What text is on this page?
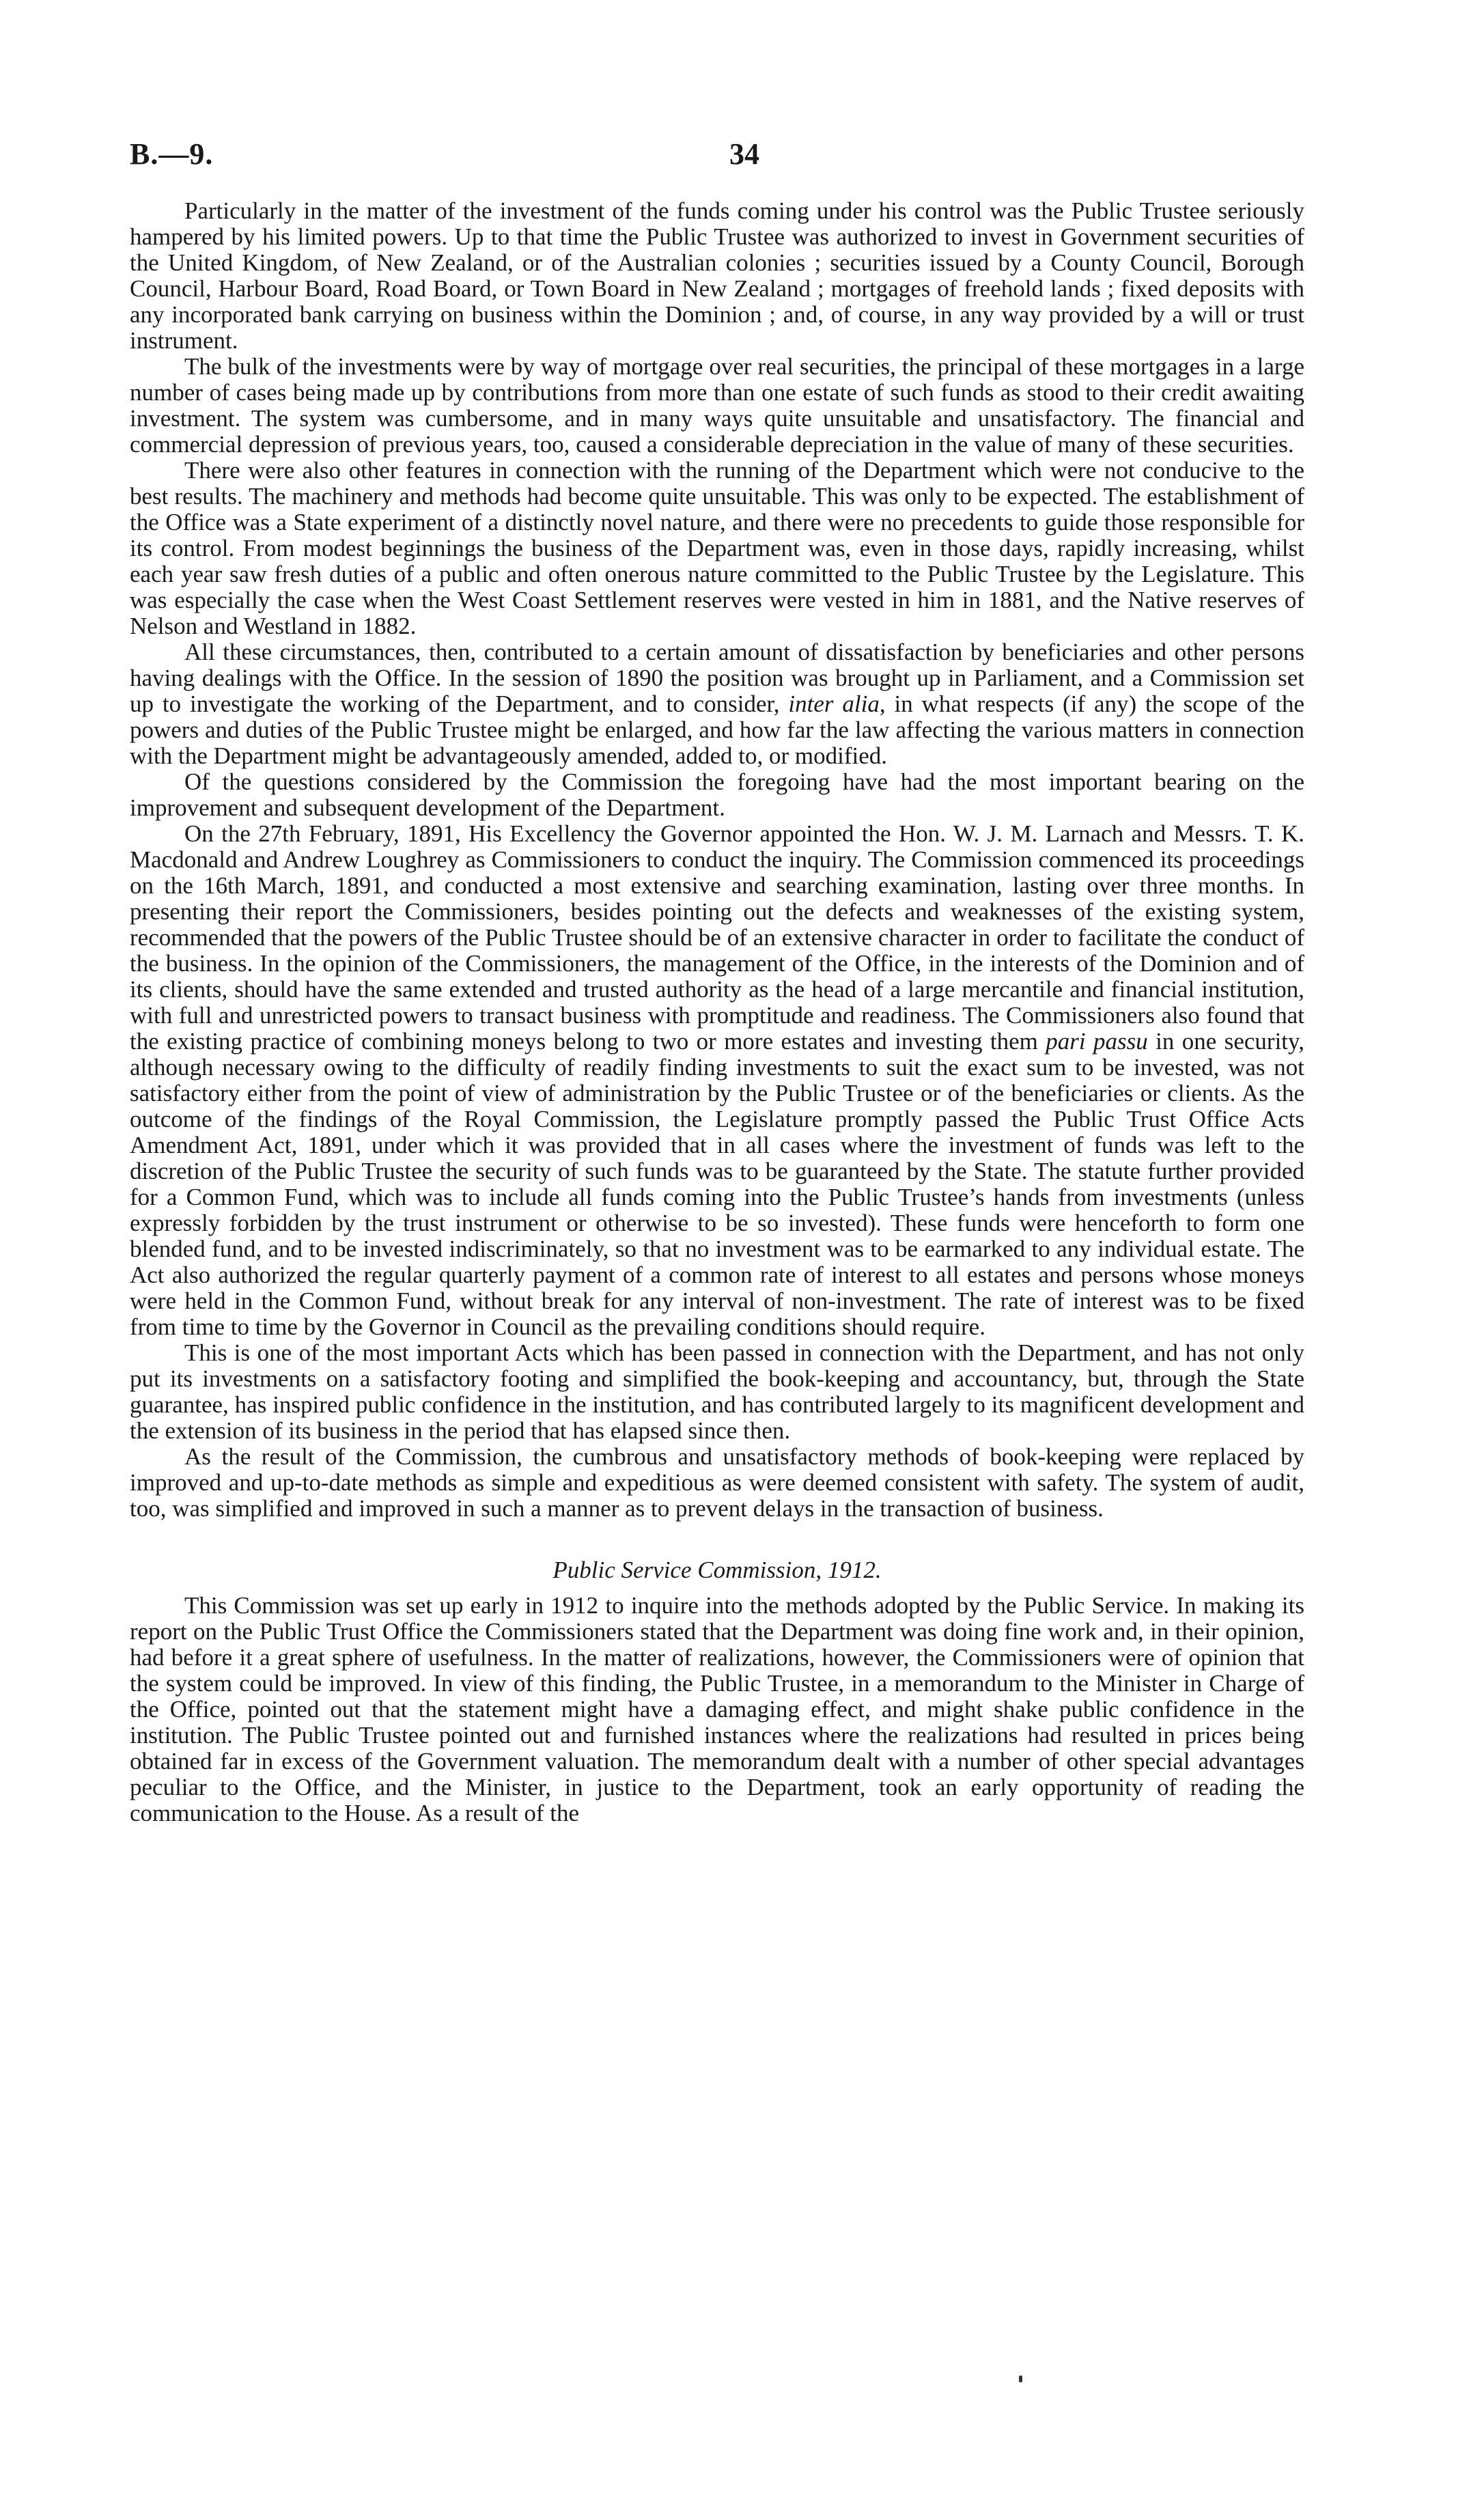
B.—9.	34

Particularly in the matter of the investment of the funds coming under his control was the Public Trustee seriously hampered by his limited powers. Up to that time the Public Trustee was authorized to invest in Government securities of the United Kingdom, of New Zealand, or of the Australian colonies ; securities issued by a County Council, Borough Council, Harbour Board, Road Board, or Town Board in New Zealand ; mortgages of freehold lands ; fixed deposits with any incorporated bank carrying on business within the Dominion ; and, of course, in any way provided by a will or trust instrument.

The bulk of the investments were by way of mortgage over real securities, the principal of these mortgages in a large number of cases being made up by contributions from more than one estate of such funds as stood to their credit awaiting investment. The system was cumbersome, and in many ways quite unsuitable and unsatisfactory. The financial and commercial depression of previous years, too, caused a considerable depreciation in the value of many of these securities.

There were also other features in connection with the running of the Department which were not conducive to the best results. The machinery and methods had become quite unsuitable. This was only to be expected. The establishment of the Office was a State experiment of a distinctly novel nature, and there were no precedents to guide those responsible for its control. From modest beginnings the business of the Department was, even in those days, rapidly increasing, whilst each year saw fresh duties of a public and often onerous nature committed to the Public Trustee by the Legislature. This was especially the case when the West Coast Settlement reserves were vested in him in 1881, and the Native reserves of Nelson and Westland in 1882.

All these circumstances, then, contributed to a certain amount of dissatisfaction by beneficiaries and other persons having dealings with the Office. In the session of 1890 the position was brought up in Parliament, and a Commission set up to investigate the working of the Department, and to consider, inter alia, in what respects (if any) the scope of the powers and duties of the Public Trustee might be enlarged, and how far the law affecting the various matters in connection with the Department might be advantageously amended, added to, or modified.

Of the questions considered by the Commission the foregoing have had the most important bearing on the improvement and subsequent development of the Department.

On the 27th February, 1891, His Excellency the Governor appointed the Hon. W. J. M. Larnach and Messrs. T. K. Macdonald and Andrew Loughrey as Commissioners to conduct the inquiry. The Commission commenced its proceedings on the 16th March, 1891, and conducted a most extensive and searching examination, lasting over three months. In presenting their report the Commissioners, besides pointing out the defects and weaknesses of the existing system, recommended that the powers of the Public Trustee should be of an extensive character in order to facilitate the conduct of the business. In the opinion of the Commissioners, the management of the Office, in the interests of the Dominion and of its clients, should have the same extended and trusted authority as the head of a large mercantile and financial institution, with full and unrestricted powers to transact business with promptitude and readiness. The Commissioners also found that the existing practice of combining moneys belong to two or more estates and investing them pari passu in one security, although necessary owing to the difficulty of readily finding investments to suit the exact sum to be invested, was not satisfactory either from the point of view of administration by the Public Trustee or of the beneficiaries or clients. As the outcome of the findings of the Royal Commission, the Legislature promptly passed the Public Trust Office Acts Amendment Act, 1891, under which it was provided that in all cases where the investment of funds was left to the discretion of the Public Trustee the security of such funds was to be guaranteed by the State. The statute further provided for a Common Fund, which was to include all funds coming into the Public Trustee’s hands from investments (unless expressly forbidden by the trust instrument or otherwise to be so invested). These funds were henceforth to form one blended fund, and to be invested indiscriminately, so that no investment was to be earmarked to any individual estate. The Act also authorized the regular quarterly payment of a common rate of interest to all estates and persons whose moneys were held in the Common Fund, without break for any interval of non-investment. The rate of interest was to be fixed from time to time by the Governor in Council as the prevailing conditions should require.

This is one of the most important Acts which has been passed in connection with the Department, and has not only put its investments on a satisfactory footing and simplified the book-keeping and accountancy, but, through the State guarantee, has inspired public confidence in the institution, and has contributed largely to its magnificent development and the extension of its business in the period that has elapsed since then.

As the result of the Commission, the cumbrous and unsatisfactory methods of book-keeping were replaced by improved and up-to-date methods as simple and expeditious as were deemed consistent with safety. The system of audit, too, was simplified and improved in such a manner as to prevent delays in the transaction of business.

Public Service Commission, 1912.

This Commission was set up early in 1912 to inquire into the methods adopted by the Public Service. In making its report on the Public Trust Office the Commissioners stated that the Department was doing fine work and, in their opinion, had before it a great sphere of usefulness. In the matter of realizations, however, the Commissioners were of opinion that the system could be improved. In view of this finding, the Public Trustee, in a memorandum to the Minister in Charge of the Office, pointed out that the statement might have a damaging effect, and might shake public confidence in the institution. The Public Trustee pointed out and furnished instances where the realizations had resulted in prices being obtained far in excess of the Government valuation. The memorandum dealt with a number of other special advantages peculiar to the Office, and the Minister, in justice to the Department, took an early opportunity of reading the communication to the House. As a result of the
